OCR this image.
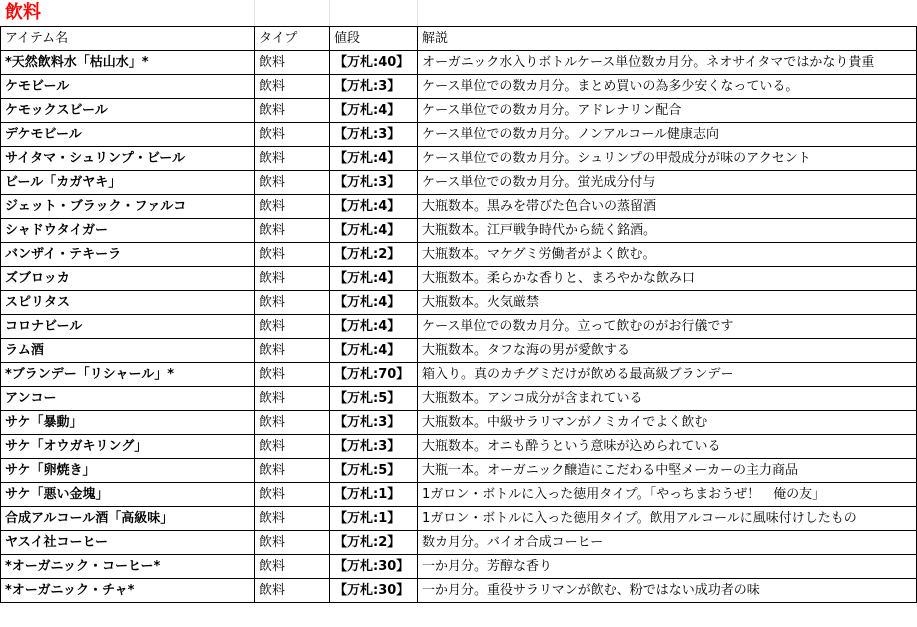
飲料
アイテム名	タイプ	値段	解説
*天然飲料水「枯山水」*	飲料	【万札:40】	オーガニック水入りボトルケース単位数カ月分。ネオサイタマではかなり貴重
ケモビール	飲料	【万札:3】	ケース単位での数カ月分。まとめ買いの為多少安くなっている。
ケモックスビール	飲料	【万札:4】	ケース単位での数カ月分。アドレナリン配合
デケモビール	飲料	【万札:3】	ケース単位での数カ月分。ノンアルコール健康志向
サイタマ・シュリンプ・ビール	飲料	【万札:4】	ケース単位での数カ月分。シュリンプの甲殻成分が味のアクセント
ビール「カガヤキ」	飲料	【万札:3】	ケース単位での数カ月分。蛍光成分付与
ジェット・ブラック・ファルコ	飲料	【万札:4】	大瓶数本。黒みを帯びた色合いの蒸留酒
シャドウタイガー	飲料	【万札:4】	大瓶数本。江戸戦争時代から続く銘酒。
バンザイ・テキーラ	飲料	【万札:2】	大瓶数本。マケグミ労働者がよく飲む。
ズブロッカ	飲料	【万札:4】	大瓶数本。柔らかな香りと、まろやかな飲み口
スピリタス	飲料	【万札:4】	大瓶数本。火気厳禁
コロナビール	飲料	【万札:4】	ケース単位での数カ月分。立って飲むのがお行儀です
ラム酒	飲料	【万札:4】	大瓶数本。タフな海の男が愛飲する
*ブランデー「リシャール」*	飲料	【万札:70】	箱入り。真のカチグミだけが飲める最高級ブランデー
アンコー	飲料	【万札:5】	大瓶数本。アンコ成分が含まれている
サケ「暴動」	飲料	【万札:3】	大瓶数本。中級サラリマンがノミカイでよく飲む
サケ「オウガキリング」	飲料	【万札:3】	大瓶数本。オニも酔うという意味が込められている
サケ「卵焼き」	飲料	【万札:5】	大瓶一本。オーガニック醸造にこだわる中堅メーカーの主力商品
サケ「悪い金塊」	飲料	【万札:1】	1ガロン・ボトルに入った徳用タイプ。「やっちまおうぜ！　俺の友」
合成アルコール酒「高級味」	飲料	【万札:1】	1ガロン・ボトルに入った徳用タイプ。飲用アルコールに風味付けしたもの
ヤスイ社コーヒー	飲料	【万札:2】	数カ月分。バイオ合成コーヒー
*オーガニック・コーヒー*	飲料	【万札:30】	一か月分。芳醇な香り
*オーガニック・チャ*	飲料	【万札:30】	一か月分。重役サラリマンが飲む、粉ではない成功者の味
